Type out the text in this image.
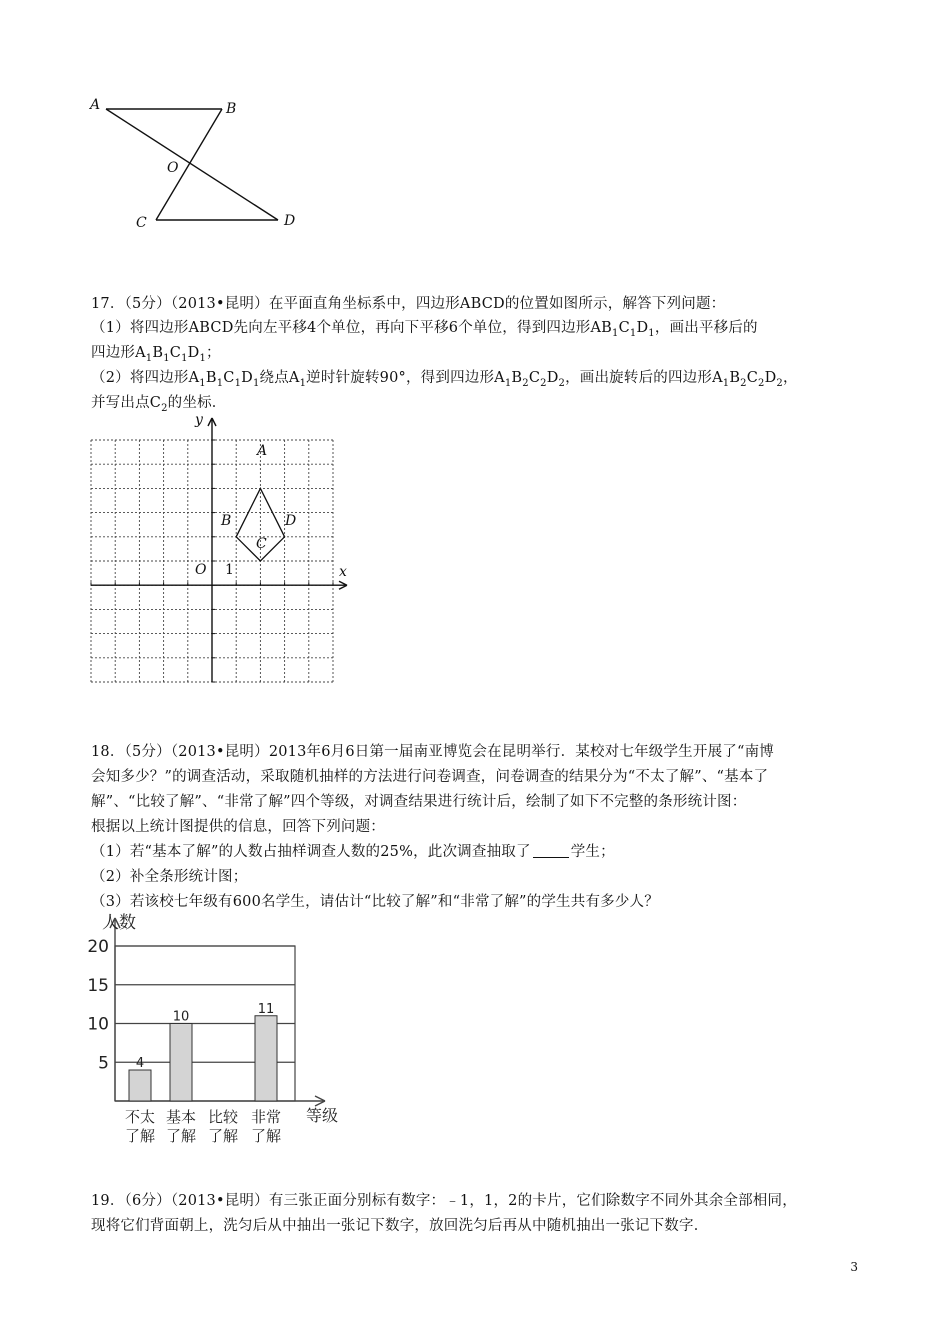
A	B
O
C	D
17．（5分）（2013•昆明）在平面直角坐标系中，四边形ABCD的位置如图所示，解答下列问题：
（1）将四边形ABCD先向左平移4个单位，再向下平移6个单位，得到四边形$AB_1C_1D_1$，画出平移后的
四边形$A_1B_1C_1D_1$；
（2）将四边形$A_1B_1C_1D_1$绕点$A_1$逆时针旋转90°，得到四边形$A_1B_2C_2D_2$，画出旋转后的四边形$A_1B_2C_2D_2$，
并写出点$C_2$的坐标．
y
x
O 1
A
B
C
D
18．（5分）（2013•昆明）2013年6月6日第一届南亚博览会在昆明举行．某校对七年级学生开展了“南博
会知多少？”的调查活动，采取随机抽样的方法进行问卷调查，问卷调查的结果分为“不太了解”、“基本了
解”、“比较了解”、“非常了解”四个等级，对调查结果进行统计后，绘制了如下不完整的条形统计图：
根据以上统计图提供的信息，回答下列问题：
（1）若“基本了解”的人数占抽样调查人数的25%，此次调查抽取了	学生；
（2）补全条形统计图；
（3）若该校七年级有600名学生，请估计“比较了解”和“非常了解”的学生共有多少人？
20
15
10
5
人数
等级
4
不太
了解
10
基本
了解
比较
了解
11
非常
了解
19．（6分）（2013•昆明）有三张正面分别标有数字：﹣1，1，2的卡片，它们除数字不同外其余全部相同，
现将它们背面朝上，洗匀后从中抽出一张记下数字，放回洗匀后再从中随机抽出一张记下数字．
3
